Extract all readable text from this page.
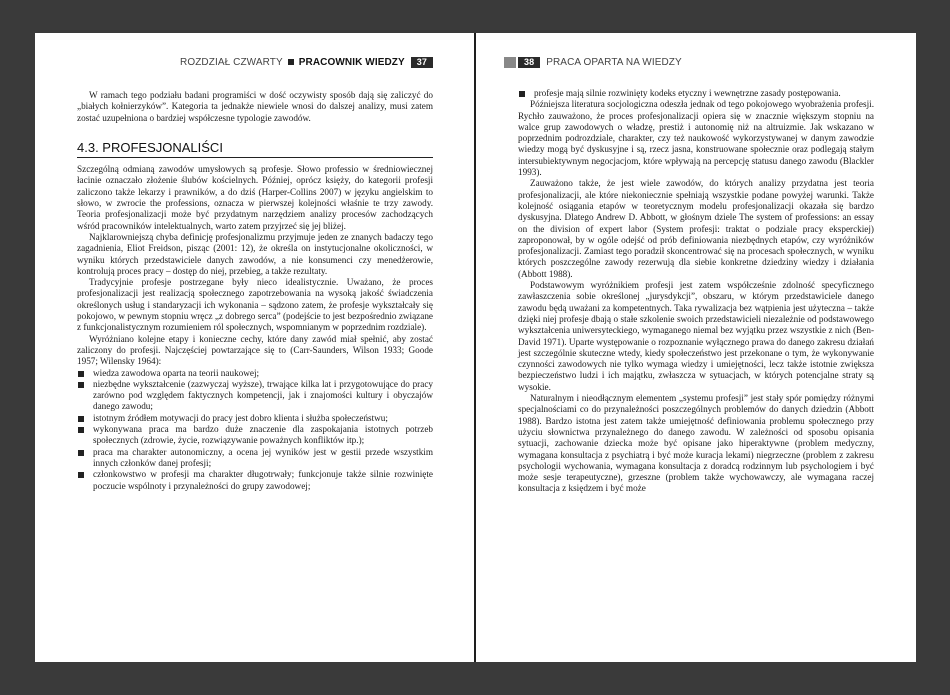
ROZDZIAŁ CZWARTY PRACOWNIK WIEDZY	37

W ramach tego podziału badani programiści w dość oczywisty sposób dają się zaliczyć do „białych kołnierzyków”. Kategoria ta jednakże niewiele wnosi do dalszej analizy, musi zatem zostać uzupełniona o bardziej współczesne typologie zawodów.

4.3. PROFESJONALIŚCI

Szczególną odmianą zawodów umysłowych są profesje. Słowo professio w średniowiecznej łacinie oznaczało złożenie ślubów kościelnych. Później, oprócz księży, do kategorii profesji zaliczono także lekarzy i prawników, a do dziś (Harper-Collins 2007) w języku angielskim to słowo, w zwrocie the professions, oznacza w pierwszej kolejności właśnie te trzy zawody. Teoria profesjonalizacji może być przydatnym narzędziem analizy procesów zachodzących wśród pracowników intelektualnych, warto zatem przyjrzeć się jej bliżej.

Najklarowniejszą chyba definicję profesjonalizmu przyjmuje jeden ze znanych badaczy tego zagadnienia, Eliot Freidson, pisząc (2001: 12), że określa on instytucjonalne okoliczności, w wyniku których przedstawiciele danych zawodów, a nie konsumenci czy menedżerowie, kontrolują proces pracy – dostęp do niej, przebieg, a także rezultaty.

Tradycyjnie profesje postrzegane były nieco idealistycznie. Uważano, że proces profesjonalizacji jest realizacją społecznego zapotrzebowania na wysoką jakość świadczenia określonych usług i standaryzacji ich wykonania – sądzono zatem, że profesje wykształcały się pokojowo, w pewnym stopniu wręcz „z dobrego serca” (podejście to jest bezpośrednio związane z funkcjonalistycznym rozumieniem ról społecznych, wspomnianym w poprzednim rozdziale).

Wyróżniano kolejne etapy i konieczne cechy, które dany zawód miał spełnić, aby zostać zaliczony do profesji. Najczęściej powtarzające się to (Carr-Saunders, Wilson 1933; Goode 1957; Wilensky 1964):

wiedza zawodowa oparta na teorii naukowej;
niezbędne wykształcenie (zazwyczaj wyższe), trwające kilka lat i przygotowujące do pracy zarówno pod względem faktycznych kompetencji, jak i znajomości kultury i obyczajów danego zawodu;
istotnym źródłem motywacji do pracy jest dobro klienta i służba społeczeństwu;
wykonywana praca ma bardzo duże znaczenie dla zaspokajania istotnych potrzeb społecznych (zdrowie, życie, rozwiązywanie poważnych konfliktów itp.);
praca ma charakter autonomiczny, a ocena jej wyników jest w gestii przede wszystkim innych członków danej profesji;
członkowstwo w profesji ma charakter długotrwały; funkcjonuje także silnie rozwinięte poczucie wspólnoty i przynależności do grupy zawodowej;
38	PRACA OPARTA NA WIEDZY
profesje mają silnie rozwinięty kodeks etyczny i wewnętrzne zasady postępowania.

Późniejsza literatura socjologiczna odeszła jednak od tego pokojowego wyobrażenia profesji. Rychło zauważono, że proces profesjonalizacji opiera się w znacznie większym stopniu na walce grup zawodowych o władzę, prestiż i autonomię niż na altruizmie. Jak wskazano w poprzednim podrozdziale, charakter, czy też naukowość wykorzystywanej w danym zawodzie wiedzy mogą być dyskusyjne i są, rzecz jasna, konstruowane społecznie oraz podlegają stałym intersubiektywnym negocjacjom, które wpływają na percepcję statusu danego zawodu (Blackler 1993).

Zauważono także, że jest wiele zawodów, do których analizy przydatna jest teoria profesjonalizacji, ale które niekoniecznie spełniają wszystkie podane powyżej warunki. Także kolejność osiągania etapów w teoretycznym modelu profesjonalizacji okazała się bardzo dyskusyjna. Dlatego Andrew D. Abbott, w głośnym dziele The system of professions: an essay on the division of expert labor (System profesji: traktat o podziale pracy eksperckiej) zaproponował, by w ogóle odejść od prób definiowania niezbędnych etapów, czy wyróżników profesjonalizacji. Zamiast tego poradził skoncentrować się na procesach społecznych, w wyniku których poszczególne zawody rezerwują dla siebie konkretne dziedziny wiedzy i działania (Abbott 1988).

Podstawowym wyróżnikiem profesji jest zatem współcześnie zdolność specyficznego zawłaszczenia sobie określonej „jurysdykcji”, obszaru, w którym przedstawiciele danego zawodu będą uważani za kompetentnych. Taka rywalizacja bez wątpienia jest użyteczna – także dzięki niej profesje dbają o stałe szkolenie swoich przedstawicieli niezależnie od podstawowego wykształcenia uniwersyteckiego, wymaganego niemal bez wyjątku przez wszystkie z nich (Ben-David 1971). Uparte występowanie o rozpoznanie wyłącznego prawa do danego zakresu działań jest szczególnie skuteczne wtedy, kiedy społeczeństwo jest przekonane o tym, że wykonywanie czynności zawodowych nie tylko wymaga wiedzy i umiejętności, lecz także istotnie zwiększa bezpieczeństwo ludzi i ich majątku, zwłaszcza w sytuacjach, w których potencjalne straty są wysokie.

Naturalnym i nieodłącznym elementem „systemu profesji” jest stały spór pomiędzy różnymi specjalnościami co do przynależności poszczególnych problemów do danych dziedzin (Abbott 1988). Bardzo istotna jest zatem także umiejętność definiowania problemu społecznego przy użyciu słownictwa przynależnego do danego zawodu. W zależności od sposobu opisania sytuacji, zachowanie dziecka może być opisane jako hiperaktywne (problem medyczny, wymagana konsultacja z psychiatrą i być może kuracja lekami) niegrzeczne (problem z zakresu psychologii wychowania, wymagana konsultacja z doradcą rodzinnym lub psychologiem i być może sesje terapeutyczne), grzeszne (problem także wychowawczy, ale wymagana raczej konsultacja z księdzem i być może
